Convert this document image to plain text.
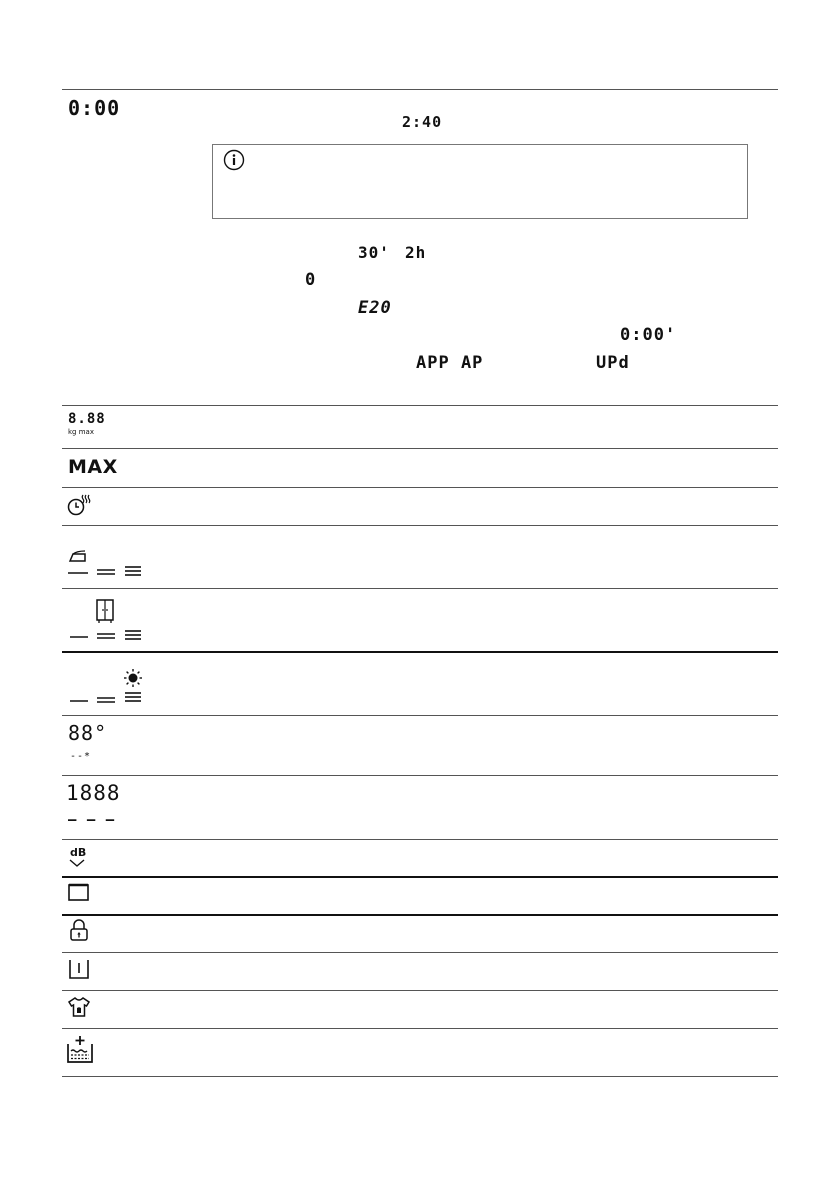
0:00
2:40
30' 2h
0
E20
0:00'
APP AP	UPd
8.88
kg max
MAX
88°
--*
1888
– – –
dB
